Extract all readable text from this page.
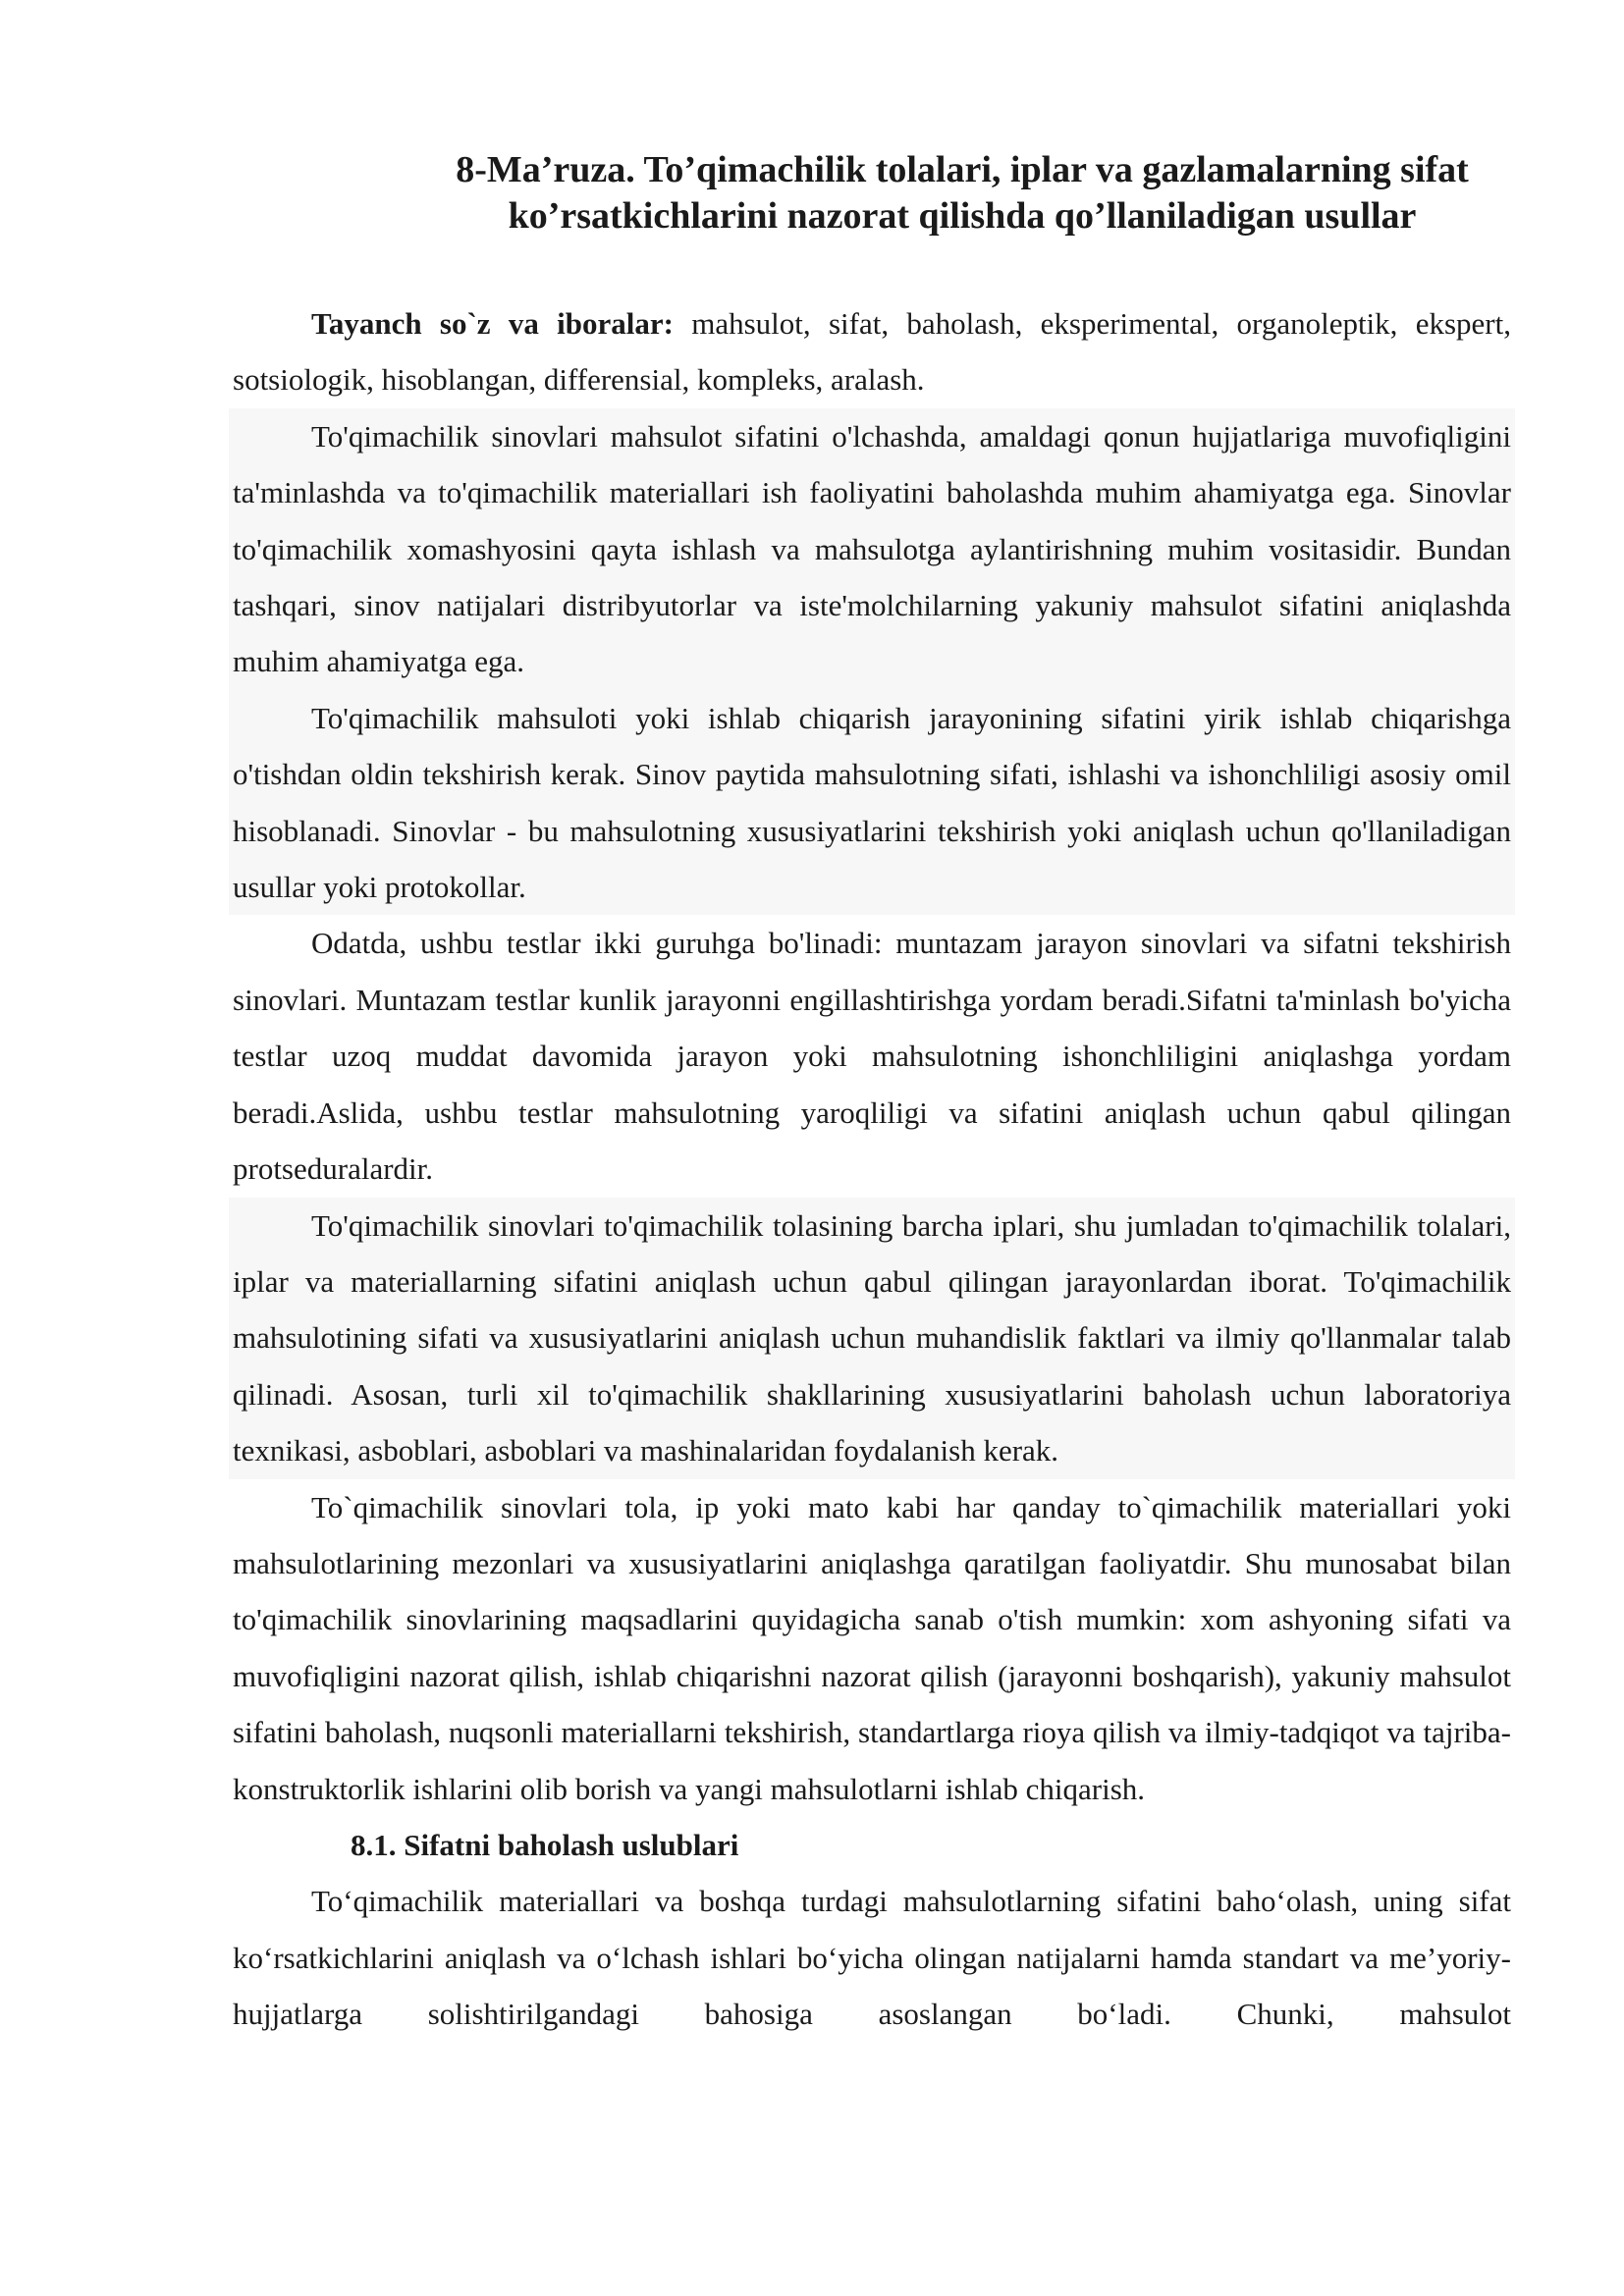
8-Ma’ruza. To’qimachilik tolalari, iplar va gazlamalarning sifat
ko’rsatkichlarini nazorat qilishda qo’llaniladigan usullar

Tayanch so`z va iboralar: mahsulot, sifat, baholash, eksperimental, organoleptik, ekspert, sotsiologik, hisoblangan, differensial, kompleks, aralash.

To'qimachilik sinovlari mahsulot sifatini o'lchashda, amaldagi qonun hujjatlariga muvofiqligini ta'minlashda va to'qimachilik materiallari ish faoliyatini baholashda muhim ahamiyatga ega. Sinovlar to'qimachilik xomashyosini qayta ishlash va mahsulotga aylantirishning muhim vositasidir. Bundan tashqari, sinov natijalari distribyutorlar va iste'molchilarning yakuniy mahsulot sifatini aniqlashda muhim ahamiyatga ega.

To'qimachilik mahsuloti yoki ishlab chiqarish jarayonining sifatini yirik ishlab chiqarishga o'tishdan oldin tekshirish kerak. Sinov paytida mahsulotning sifati, ishlashi va ishonchliligi asosiy omil hisoblanadi. Sinovlar - bu mahsulotning xususiyatlarini tekshirish yoki aniqlash uchun qo'llaniladigan usullar yoki protokollar.

Odatda, ushbu testlar ikki guruhga bo'linadi: muntazam jarayon sinovlari va sifatni tekshirish sinovlari. Muntazam testlar kunlik jarayonni engillashtirishga yordam beradi.Sifatni ta'minlash bo'yicha testlar uzoq muddat davomida jarayon yoki mahsulotning ishonchliligini aniqlashga yordam beradi.Aslida, ushbu testlar mahsulotning yaroqliligi va sifatini aniqlash uchun qabul qilingan protseduralardir.

To'qimachilik sinovlari to'qimachilik tolasining barcha iplari, shu jumladan to'qimachilik tolalari, iplar va materiallarning sifatini aniqlash uchun qabul qilingan jarayonlardan iborat. To'qimachilik mahsulotining sifati va xususiyatlarini aniqlash uchun muhandislik faktlari va ilmiy qo'llanmalar talab qilinadi. Asosan, turli xil to'qimachilik shakllarining xususiyatlarini baholash uchun laboratoriya texnikasi, asboblari, asboblari va mashinalaridan foydalanish kerak.

To`qimachilik sinovlari tola, ip yoki mato kabi har qanday to`qimachilik materiallari yoki mahsulotlarining mezonlari va xususiyatlarini aniqlashga qaratilgan faoliyatdir. Shu munosabat bilan to'qimachilik sinovlarining maqsadlarini quyidagicha sanab o'tish mumkin: xom ashyoning sifati va muvofiqligini nazorat qilish, ishlab chiqarishni nazorat qilish (jarayonni boshqarish), yakuniy mahsulot sifatini baholash, nuqsonli materiallarni tekshirish, standartlarga rioya qilish va ilmiy-tadqiqot va tajriba-konstruktorlik ishlarini olib borish va yangi mahsulotlarni ishlab chiqarish.

8.1. Sifatni baholash uslublari

To‘qimachilik materiallari va boshqa turdagi mahsulotlarning sifatini baho‘olash, uning sifat ko‘rsatkichlarini aniqlash va o‘lchash ishlari bo‘yicha olingan natijalarni hamda standart va me’yoriy-hujjatlarga solishtirilgandagi bahosiga asoslangan bo‘ladi. Chunki, mahsulot
